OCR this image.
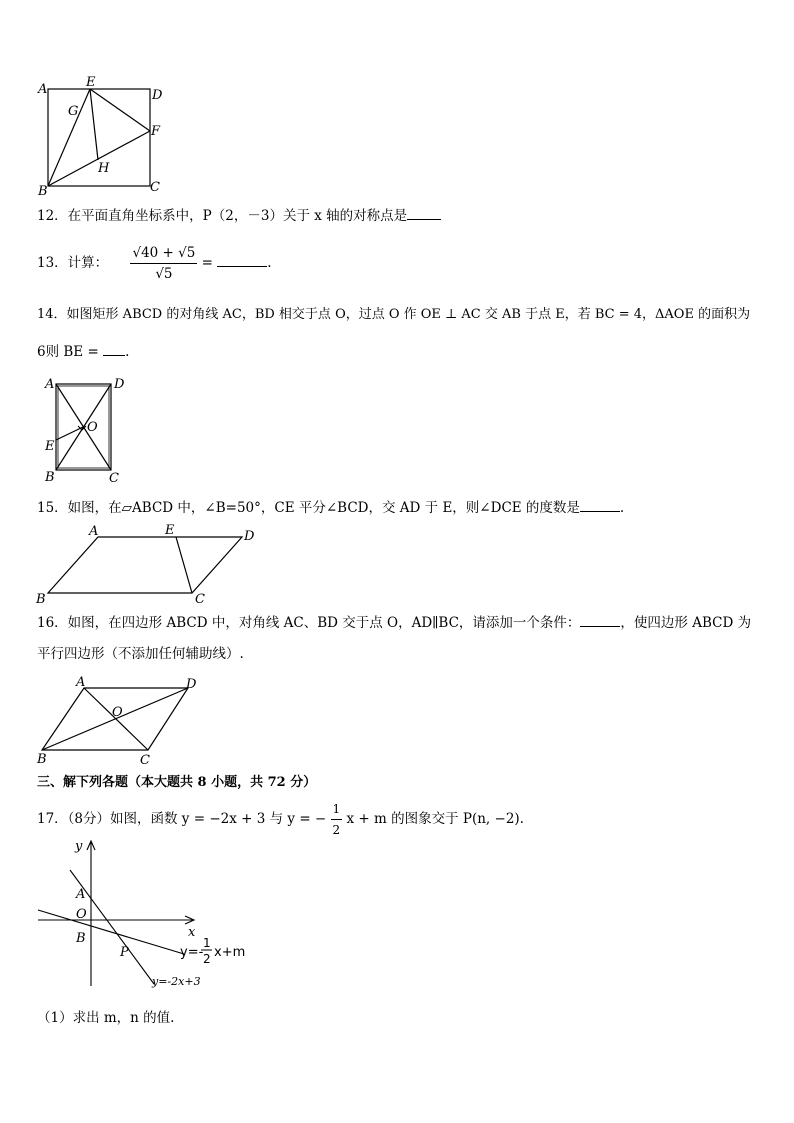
A	E
D
G
F
H
B	C
12．在平面直角坐标系中，P（2，－3）关于 x 轴的对称点是
13．计算： $\frac{√40 + √5}{√5}$ =	.
14．如图矩形 ABCD 的对角线 AC，BD 相交于点 O，过点 O 作 OE ⊥ AC 交 AB 于点 E，若 BC = 4，ΔAOE 的面积为
6则 BE = .
A	D
O
E
B	C
15．如图，在▱ABCD 中，∠B=50°，CE 平分∠BCD，交 AD 于 E，则∠DCE 的度数是	.
A	E	D
B	C
16．如图，在四边形 ABCD 中，对角线 AC、BD 交于点 O，AD∥BC，请添加一个条件：	，使四边形 ABCD 为
平行四边形（不添加任何辅助线）.
A	D
O
B	C
三、解下列各题（本大题共 8 小题，共 72 分）
17．（8分）如图，函数 y = −2x + 3 与 y = − $\frac{1}{2}$ x + m 的图象交于 P(n, −2).
y
x
A
O
B
P	y=-
1
2 x+m
y=-2x+3
（1）求出 m，n 的值.
